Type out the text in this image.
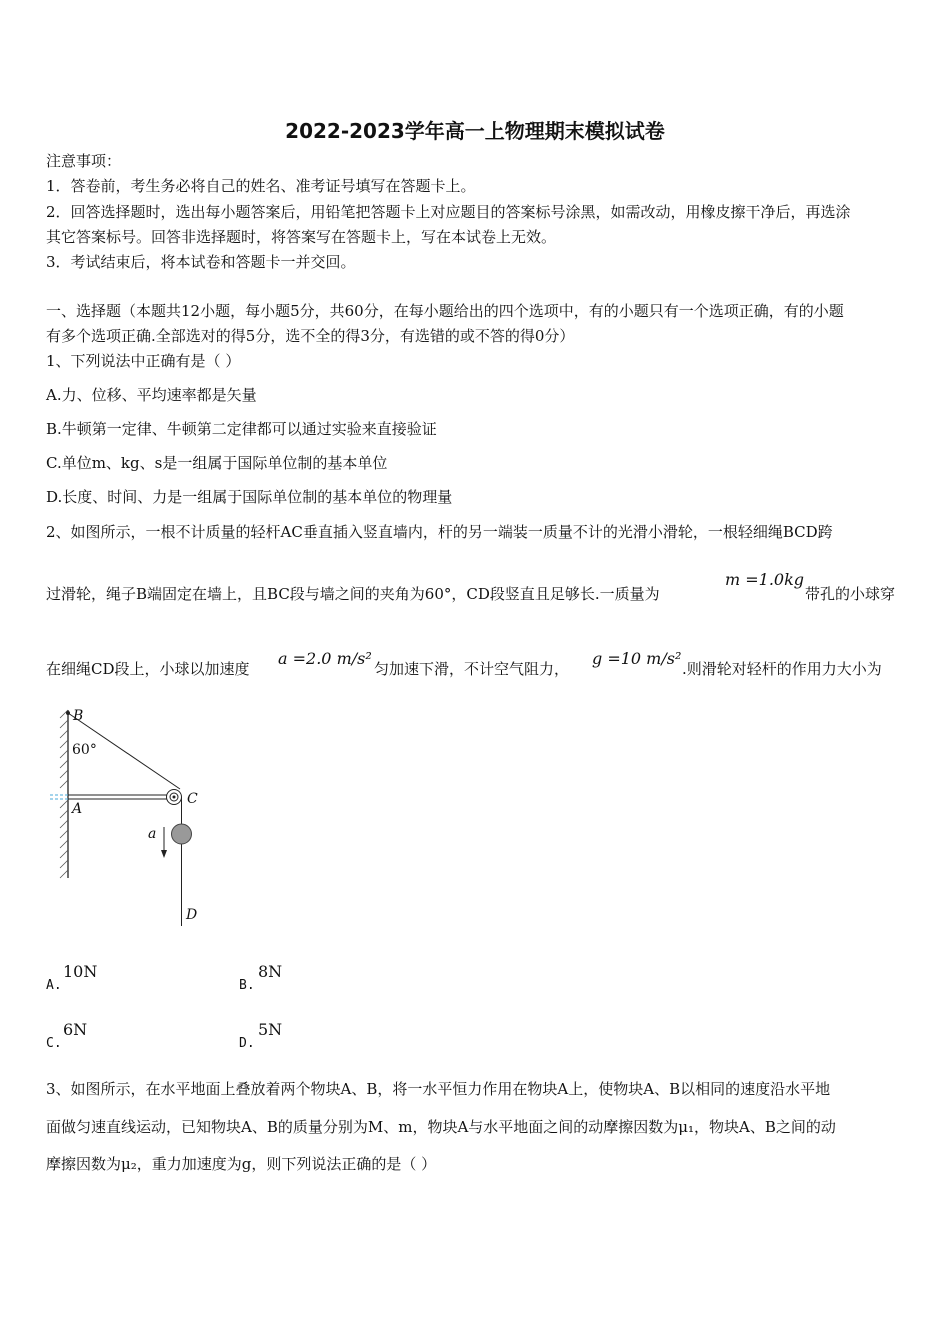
2022-2023学年高一上物理期末模拟试卷
注意事项：
1．答卷前，考生务必将自己的姓名、准考证号填写在答题卡上。
2．回答选择题时，选出每小题答案后，用铅笔把答题卡上对应题目的答案标号涂黑，如需改动，用橡皮擦干净后，再选涂
其它答案标号。回答非选择题时，将答案写在答题卡上，写在本试卷上无效。
3．考试结束后，将本试卷和答题卡一并交回。
一、选择题（本题共12小题，每小题5分，共60分，在每小题给出的四个选项中，有的小题只有一个选项正确，有的小题
有多个选项正确.全部选对的得5分，选不全的得3分，有选错的或不答的得0分）
1、下列说法中正确有是（ ）
A.力、位移、平均速率都是矢量
B.牛顿第一定律、牛顿第二定律都可以通过实验来直接验证
C.单位m、kg、s是一组属于国际单位制的基本单位
D.长度、时间、力是一组属于国际单位制的基本单位的物理量
2、如图所示，一根不计质量的轻杆AC垂直插入竖直墙内，杆的另一端装一质量不计的光滑小滑轮，一根轻细绳BCD跨
过滑轮，绳子B端固定在墙上，且BC段与墙之间的夹角为60°，CD段竖直且足够长.一质量为
m =1.0kg
带孔的小球穿
在细绳CD段上，小球以加速度
a =2.0 m/s²
匀加速下滑，不计空气阻力，
g =10 m/s²
.则滑轮对轻杆的作用力大小为
B
60°
A
C
a
D
A.
10N
B.
8N
C.
6N
D.
5N
3、如图所示，在水平地面上叠放着两个物块A、B，将一水平恒力作用在物块A上，使物块A、B以相同的速度沿水平地
面做匀速直线运动，已知物块A、B的质量分别为M、m，物块A与水平地面之间的动摩擦因数为μ₁，物块A、B之间的动
摩擦因数为μ₂，重力加速度为g，则下列说法正确的是（ ）
